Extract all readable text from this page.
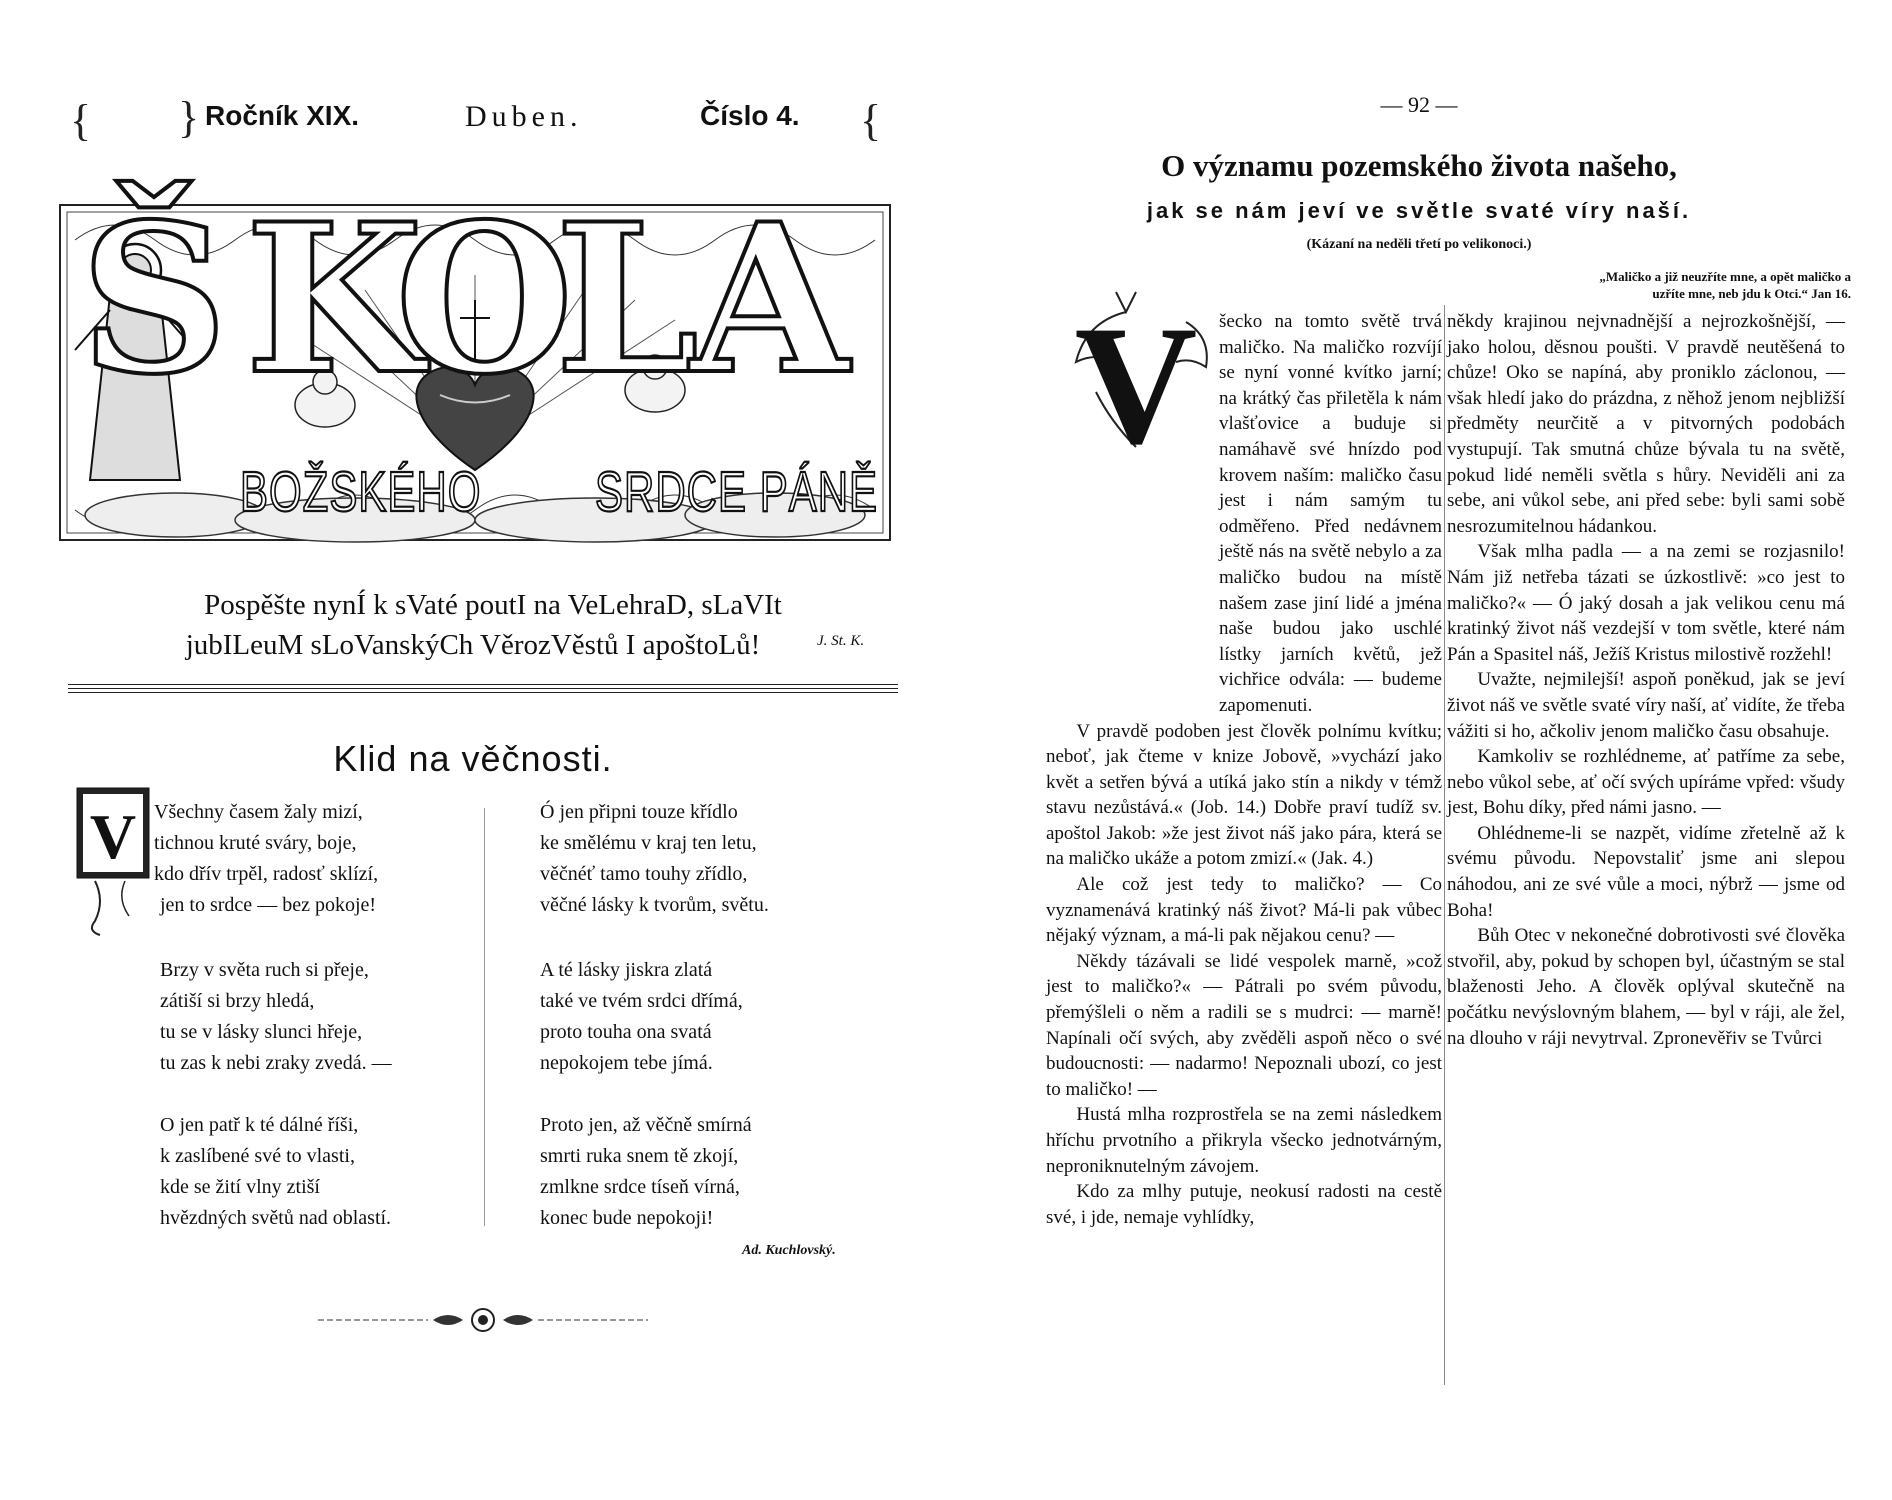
{ }	{
Ročník XIX.	Duben.	Číslo 4.
Š K
O
L
A
BOŽSKÉHO	SRDCE PÁNĚ
Pospěšte nynÍ k sVaté poutI na VeLehraD, sLaVIt
jubILeuM sLoVanskýCh VěrozVěstů I apoštoLů!	J. St. K.
Klid na věčnosti.
V Všechny časem žaly mizí,
tichnou kruté sváry, boje,
kdo dřív trpěl, radosť sklízí,
jen to srdce — bez pokoje!
Brzy v světa ruch si přeje,
zátiší si brzy hledá,
tu se v lásky slunci hřeje,
tu zas k nebi zraky zvedá. —
O jen patř k té dálné říši,
k zaslíbené své to vlasti,
kde se žití vlny ztiší
hvězdných světů nad oblastí.
Ó jen připni touze křídlo
ke smělému v kraj ten letu,
věčnéť tamo touhy zřídlo,
věčné lásky k tvorům, světu.
A té lásky jiskra zlatá
také ve tvém srdci dřímá,
proto touha ona svatá
nepokojem tebe jímá.
Proto jen, až věčně smírná
smrti ruka snem tě zkojí,
zmlkne srdce tíseň vírná,
konec bude nepokoji!
Ad. Kuchlovský.
— 92 —
O významu pozemského života našeho,
jak se nám jeví ve světle svaté víry naší.
(Kázaní na neděli třetí po velikonoci.)
„Maličko a již neuzříte mne, a opět maličko a
uzříte mne, neb jdu k Otci.“ Jan 16.
V	šecko na tomto světě trvá maličko. Na maličko rozvíjí se nyní vonné kvítko jarní; na krátký čas přiletěla k nám vlašťovice a buduje si namáhavě své hnízdo pod krovem naším: maličko času jest i nám samým tu odměřeno. Před nedávnem ještě nás na světě nebylo a za maličko budou na místě našem zase jiní lidé a jména naše budou jako uschlé lístky jarních květů, jež vichřice odvála: — budeme zapomenuti.

V pravdě podoben jest člověk polnímu kvítku; neboť, jak čteme v knize Jobově, »vychází jako květ a setřen bývá a utíká jako stín a nikdy v témž stavu nezůstává.« (Job. 14.) Dobře praví tudíž sv. apoštol Jakob: »že jest život náš jako pára, která se na maličko ukáže a potom zmizí.« (Jak. 4.)

Ale což jest tedy to maličko? — Co vyznamenává kratinký náš život? Má-li pak vůbec nějaký význam, a má-li pak nějakou cenu? —

Někdy tázávali se lidé vespolek marně, »což jest to maličko?« — Pátrali po svém původu, přemýšleli o něm a radili se s mudrci: — marně! Napínali očí svých, aby zvěděli aspoň něco o své budoucnosti: — nadarmo! Nepoznali ubozí, co jest to maličko! —

Hustá mlha rozprostřela se na zemi následkem hříchu prvotního a přikryla všecko jednotvárným, neproniknutelným závojem.

Kdo za mlhy putuje, neokusí radosti na cestě své, i jde, nemaje vyhlídky,

někdy krajinou nejvnadnější a nejrozkošnější, — jako holou, děsnou poušti. V pravdě neutěšená to chůze! Oko se napíná, aby proniklo záclonou, — však hledí jako do prázdna, z něhož jenom nejbližší předměty neurčitě a v pitvorných podobách vystupují. Tak smutná chůze bývala tu na světě, pokud lidé neměli světla s hůry. Neviděli ani za sebe, ani vůkol sebe, ani před sebe: byli sami sobě nesrozumitelnou hádankou.

Však mlha padla — a na zemi se rozjasnilo! Nám již netřeba tázati se úzkostlivě: »co jest to maličko?« — Ó jaký dosah a jak velikou cenu má kratinký život náš vezdejší v tom světle, které nám Pán a Spasitel náš, Ježíš Kristus milostivě rozžehl!

Uvažte, nejmilejší! aspoň poněkud, jak se jeví život náš ve světle svaté víry naší, ať vidíte, že třeba vážiti si ho, ačkoliv jenom maličko času obsahuje.

Kamkoliv se rozhlédneme, ať patříme za sebe, nebo vůkol sebe, ať očí svých upíráme vpřed: všudy jest, Bohu díky, před námi jasno. —

Ohlédneme-li se nazpět, vidíme zřetelně až k svému původu. Nepovstaliť jsme ani slepou náhodou, ani ze své vůle a moci, nýbrž — jsme od Boha!

Bůh Otec v nekonečné dobrotivosti své člověka stvořil, aby, pokud by schopen byl, účastným se stal blaženosti Jeho. A člověk oplýval skutečně na počátku nevýslovným blahem, — byl v ráji, ale žel, na dlouho v ráji nevytrval. Zpronevěřiv se Tvůrci
